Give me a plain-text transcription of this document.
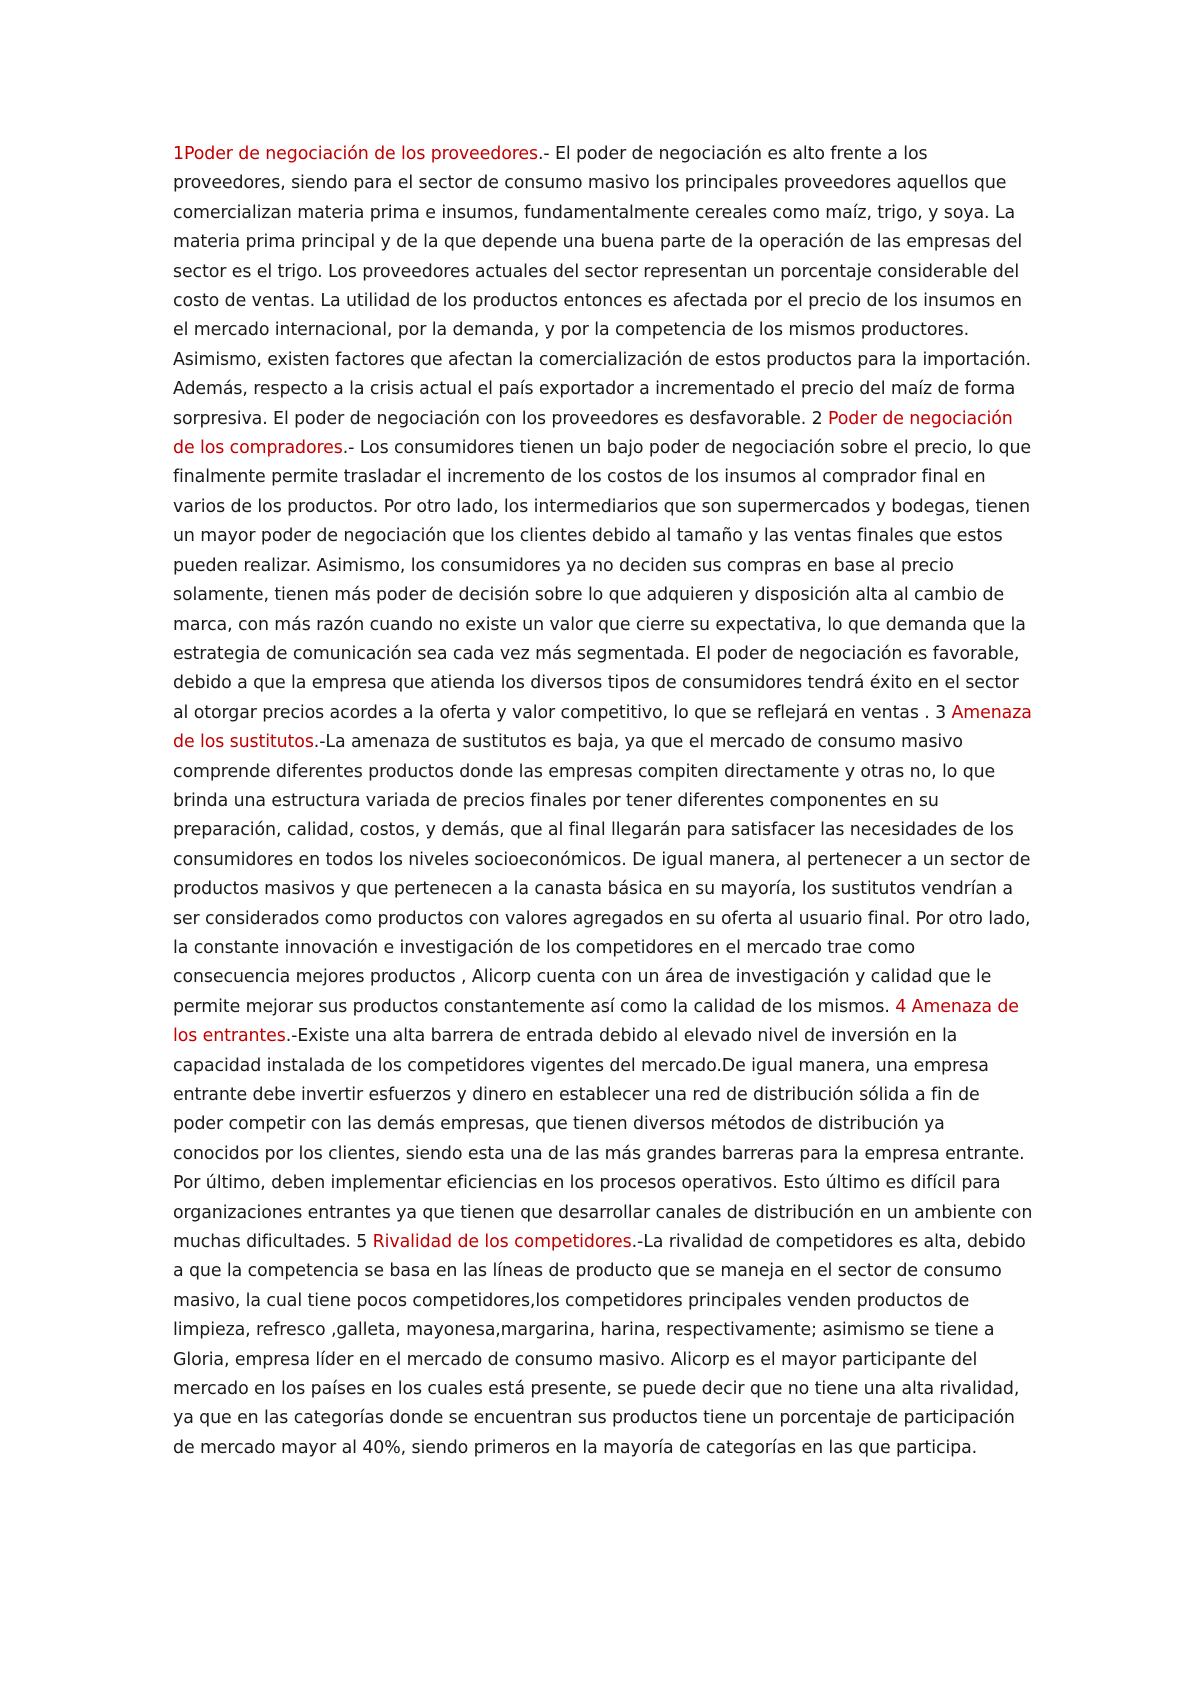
1Poder de negociación de los proveedores.- El poder de negociación es alto frente a los proveedores, siendo para el sector de consumo masivo los principales proveedores aquellos que comercializan materia prima e insumos, fundamentalmente cereales como maíz, trigo, y soya. La materia prima principal y de la que depende una buena parte de la operación de las empresas del sector es el trigo. Los proveedores actuales del sector representan un porcentaje considerable del costo de ventas. La utilidad de los productos entonces es afectada por el precio de los insumos en el mercado internacional, por la demanda, y por la competencia de los mismos productores. Asimismo, existen factores que afectan la comercialización de estos productos para la importación. Además, respecto a la crisis actual el país exportador a incrementado el precio del maíz de forma sorpresiva. El poder de negociación con los proveedores es desfavorable. 2 Poder de negociación de los compradores.- Los consumidores tienen un bajo poder de negociación sobre el precio, lo que finalmente permite trasladar el incremento de los costos de los insumos al comprador final en varios de los productos. Por otro lado, los intermediarios que son supermercados y bodegas, tienen un mayor poder de negociación que los clientes debido al tamaño y las ventas finales que estos pueden realizar. Asimismo, los consumidores ya no deciden sus compras en base al precio solamente, tienen más poder de decisión sobre lo que adquieren y disposición alta al cambio de marca, con más razón cuando no existe un valor que cierre su expectativa, lo que demanda que la estrategia de comunicación sea cada vez más segmentada. El poder de negociación es favorable, debido a que la empresa que atienda los diversos tipos de consumidores tendrá éxito en el sector al otorgar precios acordes a la oferta y valor competitivo, lo que se reflejará en ventas . 3 Amenaza de los sustitutos.-La amenaza de sustitutos es baja, ya que el mercado de consumo masivo comprende diferentes productos donde las empresas compiten directamente y otras no, lo que brinda una estructura variada de precios finales por tener diferentes componentes en su preparación, calidad, costos, y demás, que al final llegarán para satisfacer las necesidades de los consumidores en todos los niveles socioeconómicos. De igual manera, al pertenecer a un sector de productos masivos y que pertenecen a la canasta básica en su mayoría, los sustitutos vendrían a ser considerados como productos con valores agregados en su oferta al usuario final. Por otro lado, la constante innovación e investigación de los competidores en el mercado trae como consecuencia mejores productos , Alicorp cuenta con un área de investigación y calidad que le permite mejorar sus productos constantemente así como la calidad de los mismos. 4 Amenaza de los entrantes.-Existe una alta barrera de entrada debido al elevado nivel de inversión en la capacidad instalada de los competidores vigentes del mercado.De igual manera, una empresa entrante debe invertir esfuerzos y dinero en establecer una red de distribución sólida a fin de poder competir con las demás empresas, que tienen diversos métodos de distribución ya conocidos por los clientes, siendo esta una de las más grandes barreras para la empresa entrante. Por último, deben implementar eficiencias en los procesos operativos. Esto último es difícil para organizaciones entrantes ya que tienen que desarrollar canales de distribución en un ambiente con muchas dificultades. 5 Rivalidad de los competidores.-La rivalidad de competidores es alta, debido a que la competencia se basa en las líneas de producto que se maneja en el sector de consumo masivo, la cual tiene pocos competidores,los competidores principales venden productos de limpieza, refresco ,galleta, mayonesa,margarina, harina, respectivamente; asimismo se tiene a Gloria, empresa líder en el mercado de consumo masivo. Alicorp es el mayor participante del mercado en los países en los cuales está presente, se puede decir que no tiene una alta rivalidad, ya que en las categorías donde se encuentran sus productos tiene un porcentaje de participación de mercado mayor al 40%, siendo primeros en la mayoría de categorías en las que participa.
